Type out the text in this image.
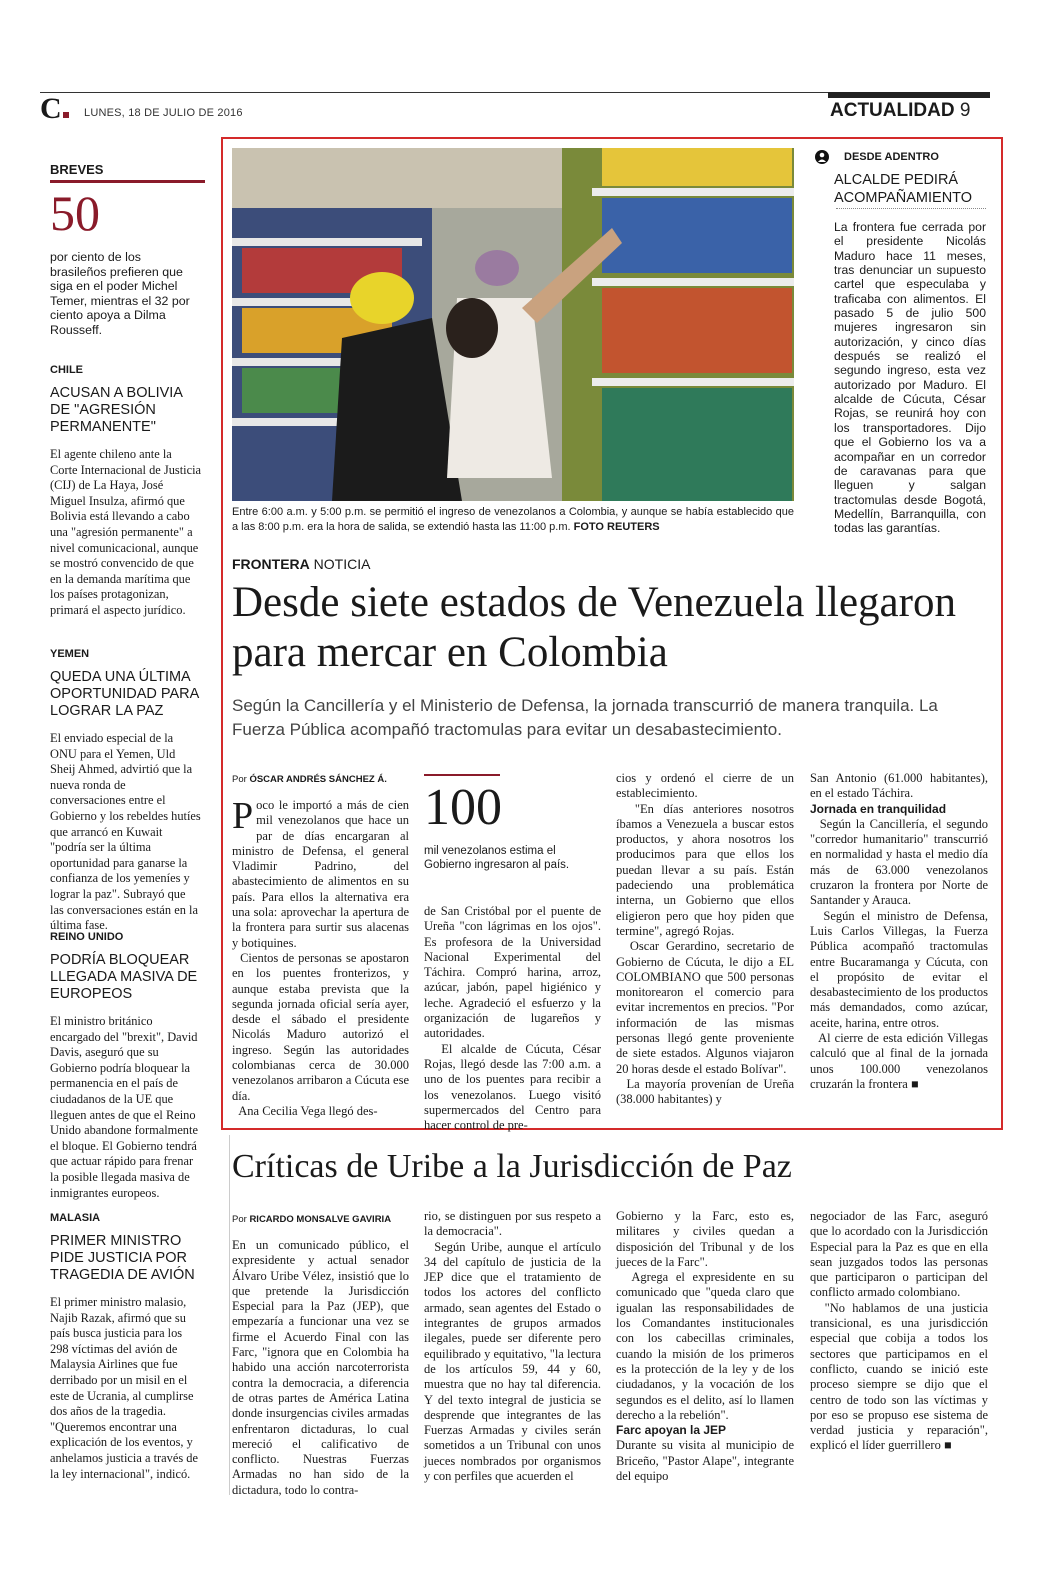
C	LUNES, 18 DE JULIO DE 2016	ACTUALIDAD 9
BREVES
50
por ciento de los brasileños prefieren que siga en el poder Michel Temer, mientras el 32 por ciento apoya a Dilma Rousseff.
CHILE
ACUSAN A BOLIVIA DE "AGRESIÓN PERMANENTE"
El agente chileno ante la Corte Internacional de Justicia (CIJ) de La Haya, José Miguel Insulza, afirmó que Bolivia está llevando a cabo una "agresión permanente" a nivel comunicacional, aunque se mostró convencido de que en la demanda marítima que los países protagonizan, primará el aspecto jurídico.
YEMEN
QUEDA UNA ÚLTIMA OPORTUNIDAD PARA LOGRAR LA PAZ
El enviado especial de la ONU para el Yemen, Uld Sheij Ahmed, advirtió que la nueva ronda de conversaciones entre el Gobierno y los rebeldes hutíes que arrancó en Kuwait "podría ser la última oportunidad para ganarse la confianza de los yemeníes y lograr la paz". Subrayó que las conversaciones están en la última fase.
REINO UNIDO
PODRÍA BLOQUEAR LLEGADA MASIVA DE EUROPEOS
El ministro británico encargado del "brexit", David Davis, aseguró que su Gobierno podría bloquear la permanencia en el país de ciudadanos de la UE que lleguen antes de que el Reino Unido abandone formalmente el bloque. El Gobierno tendrá que actuar rápido para frenar la posible llegada masiva de inmigrantes europeos.
MALASIA
PRIMER MINISTRO PIDE JUSTICIA POR TRAGEDIA DE AVIÓN
El primer ministro malasio, Najib Razak, afirmó que su país busca justicia para los 298 víctimas del avión de Malaysia Airlines que fue derribado por un misil en el este de Ucrania, al cumplirse dos años de la tragedia. "Queremos encontrar una explicación de los eventos, y anhelamos justicia a través de la ley internacional", indicó.
Entre 6:00 a.m. y 5:00 p.m. se permitió el ingreso de venezolanos a Colombia, y aunque se había establecido que a las 8:00 p.m. era la hora de salida, se extendió hasta las 11:00 p.m. FOTO REUTERS
DESDE ADENTRO
ALCALDE PEDIRÁ ACOMPAÑAMIENTO
La frontera fue cerrada por el presidente Nicolás Maduro hace 11 meses, tras denunciar un supuesto cartel que especulaba y traficaba con alimentos. El pasado 5 de julio 500 mujeres ingresaron sin autorización, y cinco días después se realizó el segundo ingreso, esta vez autorizado por Maduro. El alcalde de Cúcuta, César Rojas, se reunirá hoy con los transportadores. Dijo que el Gobierno los va a acompañar en un corredor de caravanas para que lleguen y salgan tractomulas desde Bogotá, Medellín, Barranquilla, con todas las garantías.
FRONTERA NOTICIA
Desde siete estados de Venezuela llegaron para mercar en Colombia
Según la Cancillería y el Ministerio de Defensa, la jornada transcurrió de manera tranquila. La Fuerza Pública acompañó tractomulas para evitar un desabastecimiento.
Por ÓSCAR ANDRÉS SÁNCHEZ Á.
Poco le importó a más de cien mil venezolanos que hace un par de días encargaran al ministro de Defensa, el general Vladimir Padrino, del abastecimiento de alimentos en su país. Para ellos la alternativa era una sola: aprovechar la apertura de la frontera para surtir sus alacenas y botiquines.
Cientos de personas se apostaron en los puentes fronterizos, y aunque estaba prevista que la segunda jornada oficial sería ayer, desde el sábado el presidente Nicolás Maduro autorizó el ingreso. Según las autoridades colombianas cerca de 30.000 venezolanos arribaron a Cúcuta ese día.
Ana Cecilia Vega llegó des-
100
mil venezolanos estima el Gobierno ingresaron al país.
de San Cristóbal por el puente de Ureña "con lágrimas en los ojos". Es profesora de la Universidad Nacional Experimental del Táchira. Compró harina, arroz, azúcar, jabón, papel higiénico y leche. Agradeció el esfuerzo y la organización de lugareños y autoridades.
El alcalde de Cúcuta, César Rojas, llegó desde las 7:00 a.m. a uno de los puentes para recibir a los venezolanos. Luego visitó supermercados del Centro para hacer control de pre-
cios y ordenó el cierre de un establecimiento.
"En días anteriores nosotros íbamos a Venezuela a buscar estos productos, y ahora nosotros los producimos para que ellos los puedan llevar a su país. Están padeciendo una problemática interna, un Gobierno que ellos eligieron pero que hoy piden que termine", agregó Rojas.
Oscar Gerardino, secretario de Gobierno de Cúcuta, le dijo a EL COLOMBIANO que 500 personas monitorearon el comercio para evitar incrementos en precios. "Por información de las mismas personas llegó gente proveniente de siete estados. Algunos viajaron 20 horas desde el estado Bolívar".
La mayoría provenían de Ureña (38.000 habitantes) y
San Antonio (61.000 habitantes), en el estado Táchira.
Jornada en tranquilidad
Según la Cancillería, el segundo "corredor humanitario" transcurrió en normalidad y hasta el medio día más de 63.000 venezolanos cruzaron la frontera por Norte de Santander y Arauca.
Según el ministro de Defensa, Luis Carlos Villegas, la Fuerza Pública acompañó tractomulas entre Bucaramanga y Cúcuta, con el propósito de evitar el desabastecimiento de los productos más demandados, como azúcar, aceite, harina, entre otros.
Al cierre de esta edición Villegas calculó que al final de la jornada unos 100.000 venezolanos cruzarán la frontera ■
Críticas de Uribe a la Jurisdicción de Paz
Por RICARDO MONSALVE GAVIRIA
En un comunicado público, el expresidente y actual senador Álvaro Uribe Vélez, insistió que lo que pretende la Jurisdicción Especial para la Paz (JEP), que empezaría a funcionar una vez se firme el Acuerdo Final con las Farc, "ignora que en Colombia ha habido una acción narcoterrorista contra la democracia, a diferencia de otras partes de América Latina donde insurgencias civiles armadas enfrentaron dictaduras, lo cual mereció el calificativo de conflicto. Nuestras Fuerzas Armadas no han sido de la dictadura, todo lo contra-
rio, se distinguen por sus respeto a la democracia".
Según Uribe, aunque el artículo 34 del capítulo de justicia de la JEP dice que el tratamiento de todos los actores del conflicto armado, sean agentes del Estado o integrantes de grupos armados ilegales, puede ser diferente pero equilibrado y equitativo, "la lectura de los artículos 59, 44 y 60, muestra que no hay tal diferencia. Y del texto integral de justicia se desprende que integrantes de las Fuerzas Armadas y civiles serán sometidos a un Tribunal con unos jueces nombrados por organismos y con perfiles que acuerden el
Gobierno y la Farc, esto es, militares y civiles quedan a disposición del Tribunal y de los jueces de la Farc".
Agrega el expresidente en su comunicado que "queda claro que igualan las responsabilidades de los Comandantes institucionales con los cabecillas criminales, cuando la misión de los primeros es la protección de la ley y de los ciudadanos, y la vocación de los segundos es el delito, así lo llamen derecho a la rebelión".
Farc apoyan la JEP
Durante su visita al municipio de Briceño, "Pastor Alape", integrante del equipo
negociador de las Farc, aseguró que lo acordado con la Jurisdicción Especial para la Paz es que en ella sean juzgados todos las personas que participaron o participan del conflicto armado colombiano.
"No hablamos de una justicia transicional, es una jurisdicción especial que cobija a todos los sectores que participamos en el conflicto, cuando se inició este proceso siempre se dijo que el centro de todo son las víctimas y por eso se propuso ese sistema de verdad justicia y reparación", explicó el líder guerrillero ■
